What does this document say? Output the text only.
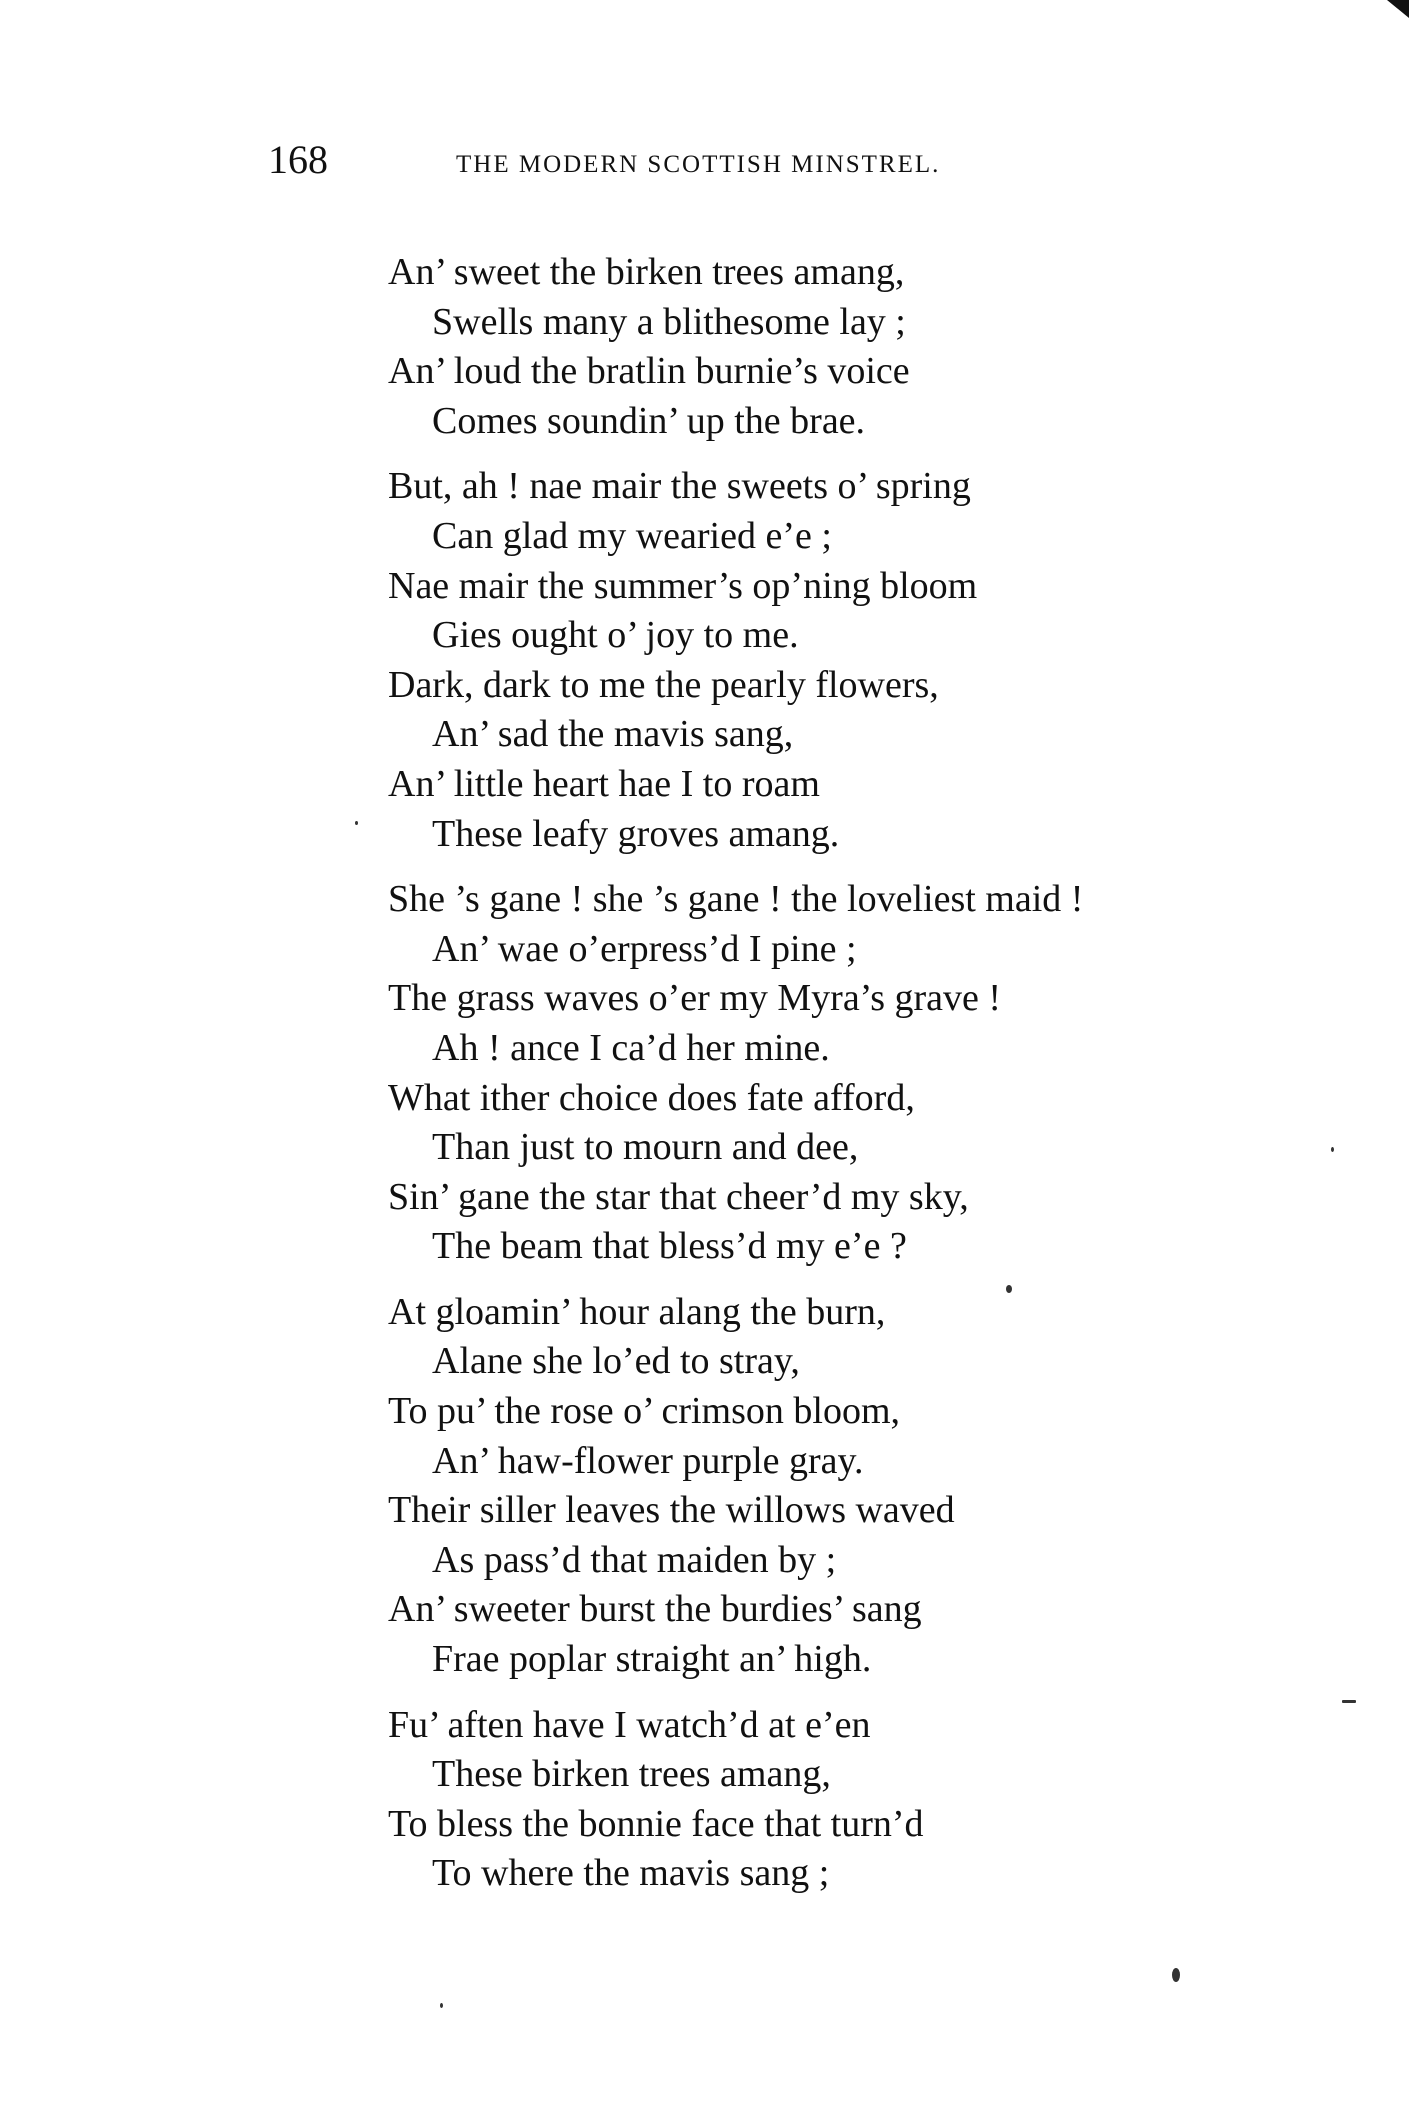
168	THE MODERN SCOTTISH MINSTREL.
An’ sweet the birken trees amang,
Swells many a blithesome lay ;
An’ loud the bratlin burnie’s voice
Comes soundin’ up the brae.
But, ah ! nae mair the sweets o’ spring
Can glad my wearied e’e ;
Nae mair the summer’s op’ning bloom
Gies ought o’ joy to me.
Dark, dark to me the pearly flowers,
An’ sad the mavis sang,
An’ little heart hae I to roam
These leafy groves amang.
She ’s gane ! she ’s gane ! the loveliest maid !
An’ wae o’erpress’d I pine ;
The grass waves o’er my Myra’s grave !
Ah ! ance I ca’d her mine.
What ither choice does fate afford,
Than just to mourn and dee,
Sin’ gane the star that cheer’d my sky,
The beam that bless’d my e’e ?
At gloamin’ hour alang the burn,
Alane she lo’ed to stray,
To pu’ the rose o’ crimson bloom,
An’ haw-flower purple gray.
Their siller leaves the willows waved
As pass’d that maiden by ;
An’ sweeter burst the burdies’ sang
Frae poplar straight an’ high.
Fu’ aften have I watch’d at e’en
These birken trees amang,
To bless the bonnie face that turn’d
To where the mavis sang ;
